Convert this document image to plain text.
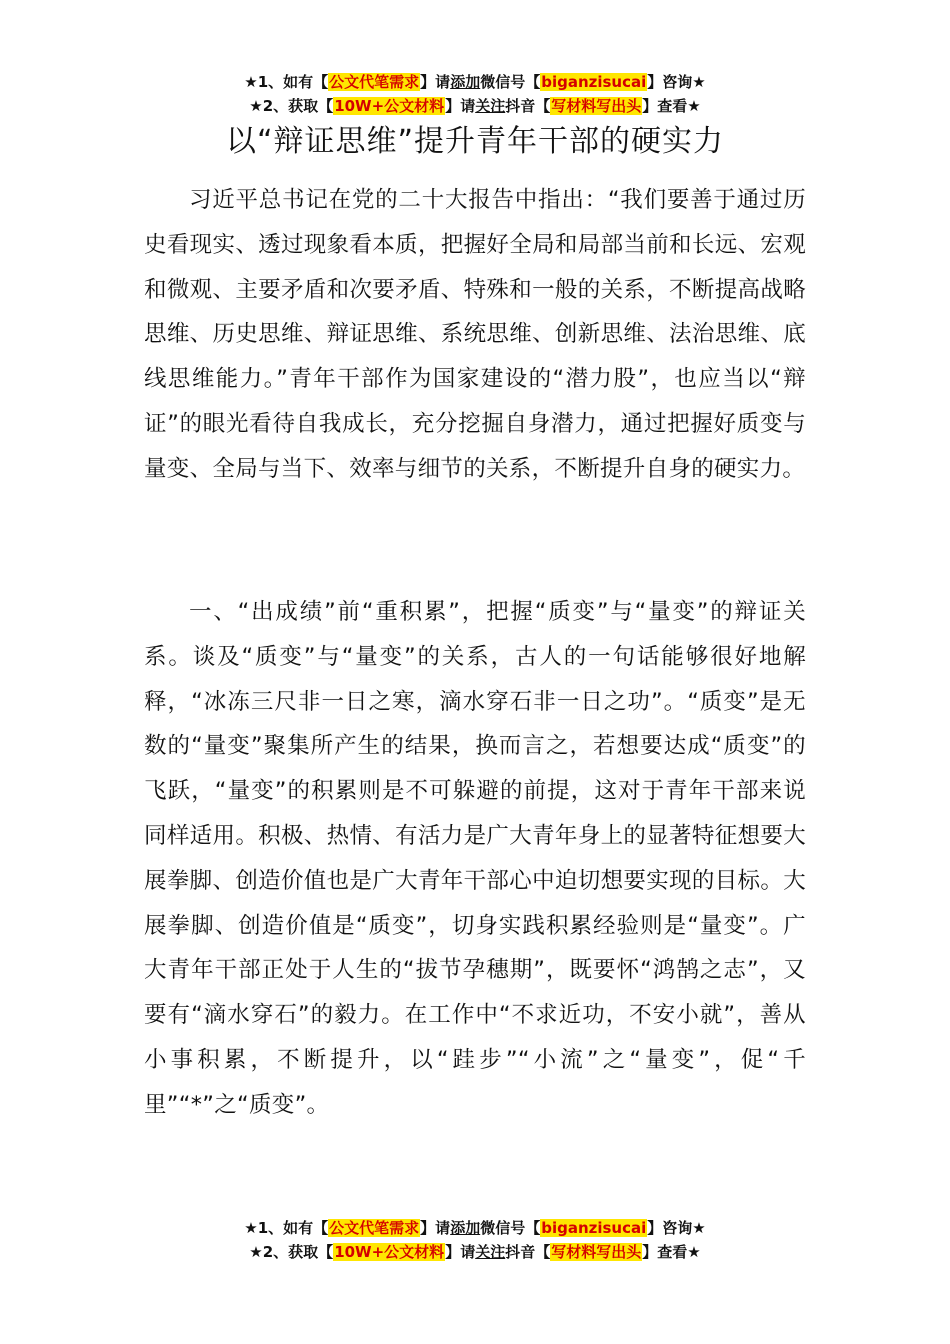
★1、如有【公文代笔需求】请添加微信号【biganzisucai】咨询★
★2、获取【10W+公文材料】请关注抖音【写材料写出头】查看★
以“辩证思维”提升青年干部的硬实力

习近平总书记在党的二十大报告中指出：“我们要善于通过历史看现实、透过现象看本质，把握好全局和局部当前和长远、宏观和微观、主要矛盾和次要矛盾、特殊和一般的关系，不断提高战略思维、历史思维、辩证思维、系统思维、创新思维、法治思维、底线思维能力。”青年干部作为国家建设的“潜力股”，也应当以“辩证”的眼光看待自我成长，充分挖掘自身潜力，通过把握好质变与量变、全局与当下、效率与细节的关系，不断提升自身的硬实力。

一、“出成绩”前“重积累”，把握“质变”与“量变”的辩证关系。谈及“质变”与“量变”的关系，古人的一句话能够很好地解释，“冰冻三尺非一日之寒，滴水穿石非一日之功”。“质变”是无数的“量变”聚集所产生的结果，换而言之，若想要达成“质变”的飞跃，“量变”的积累则是不可躲避的前提，这对于青年干部来说同样适用。积极、热情、有活力是广大青年身上的显著特征想要大展拳脚、创造价值也是广大青年干部心中迫切想要实现的目标。大展拳脚、创造价值是“质变”，切身实践积累经验则是“量变”。广大青年干部正处于人生的“拔节孕穗期”，既要怀“鸿鹄之志”，又要有“滴水穿石”的毅力。在工作中“不求近功，不安小就”，善从小事积累，不断提升，以“跬步”“小流”之“量变”，促“千里”“*”之“质变”。

★1、如有【公文代笔需求】请添加微信号【biganzisucai】咨询★
★2、获取【10W+公文材料】请关注抖音【写材料写出头】查看★
